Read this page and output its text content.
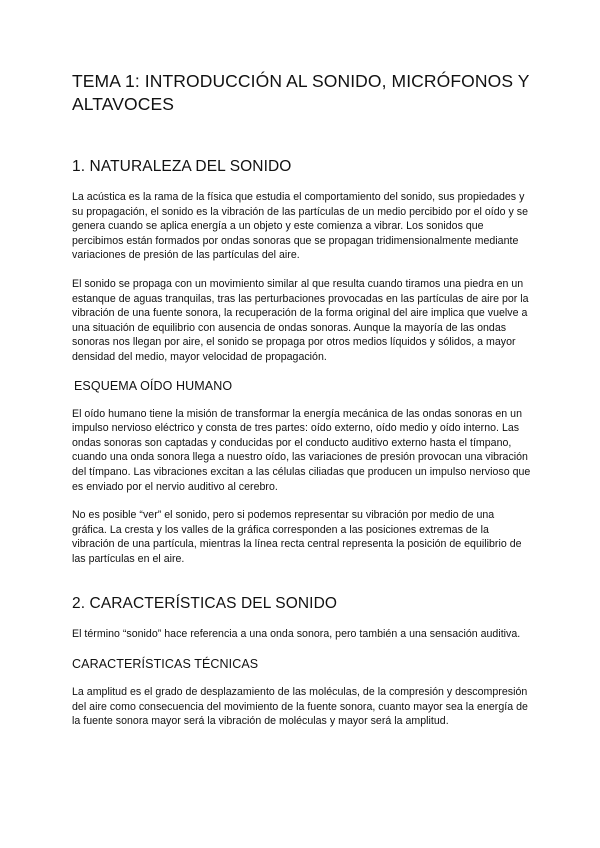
TEMA 1: INTRODUCCIÓN AL SONIDO, MICRÓFONOS Y ALTAVOCES
1. NATURALEZA DEL SONIDO

La acústica es la rama de la física que estudia el comportamiento del sonido, sus propiedades y su propagación, el sonido es la vibración de las partículas de un medio percibido por el oído y se genera cuando se aplica energía a un objeto y este comienza a vibrar. Los sonidos que percibimos están formados por ondas sonoras que se propagan tridimensionalmente mediante variaciones de presión de las partículas del aire.

El sonido se propaga con un movimiento similar al que resulta cuando tiramos una piedra en un estanque de aguas tranquilas, tras las perturbaciones provocadas en las partículas de aire por la vibración de una fuente sonora, la recuperación de la forma original del aire implica que vuelve a una situación de equilibrio con ausencia de ondas sonoras. Aunque la mayoría de las ondas sonoras nos llegan por aire, el sonido se propaga por otros medios líquidos y sólidos, a mayor densidad del medio, mayor velocidad de propagación.

ESQUEMA OÍDO HUMANO

El oído humano tiene la misión de transformar la energía mecánica de las ondas sonoras en un impulso nervioso eléctrico y consta de tres partes: oído externo, oído medio y oído interno. Las ondas sonoras son captadas y conducidas por el conducto auditivo externo hasta el tímpano, cuando una onda sonora llega a nuestro oído, las variaciones de presión provocan una vibración del tímpano. Las vibraciones excitan a las células ciliadas que producen un impulso nervioso que es enviado por el nervio auditivo al cerebro.

No es posible “ver” el sonido, pero si podemos representar su vibración por medio de una gráfica. La cresta y los valles de la gráfica corresponden a las posiciones extremas de la vibración de una partícula, mientras la línea recta central representa la posición de equilibrio de las partículas en el aire.

2. CARACTERÍSTICAS DEL SONIDO

El término “sonido” hace referencia a una onda sonora, pero también a una sensación auditiva.

CARACTERÍSTICAS TÉCNICAS

La amplitud es el grado de desplazamiento de las moléculas, de la compresión y descompresión del aire como consecuencia del movimiento de la fuente sonora, cuanto mayor sea la energía de la fuente sonora mayor será la vibración de moléculas y mayor será la amplitud.
